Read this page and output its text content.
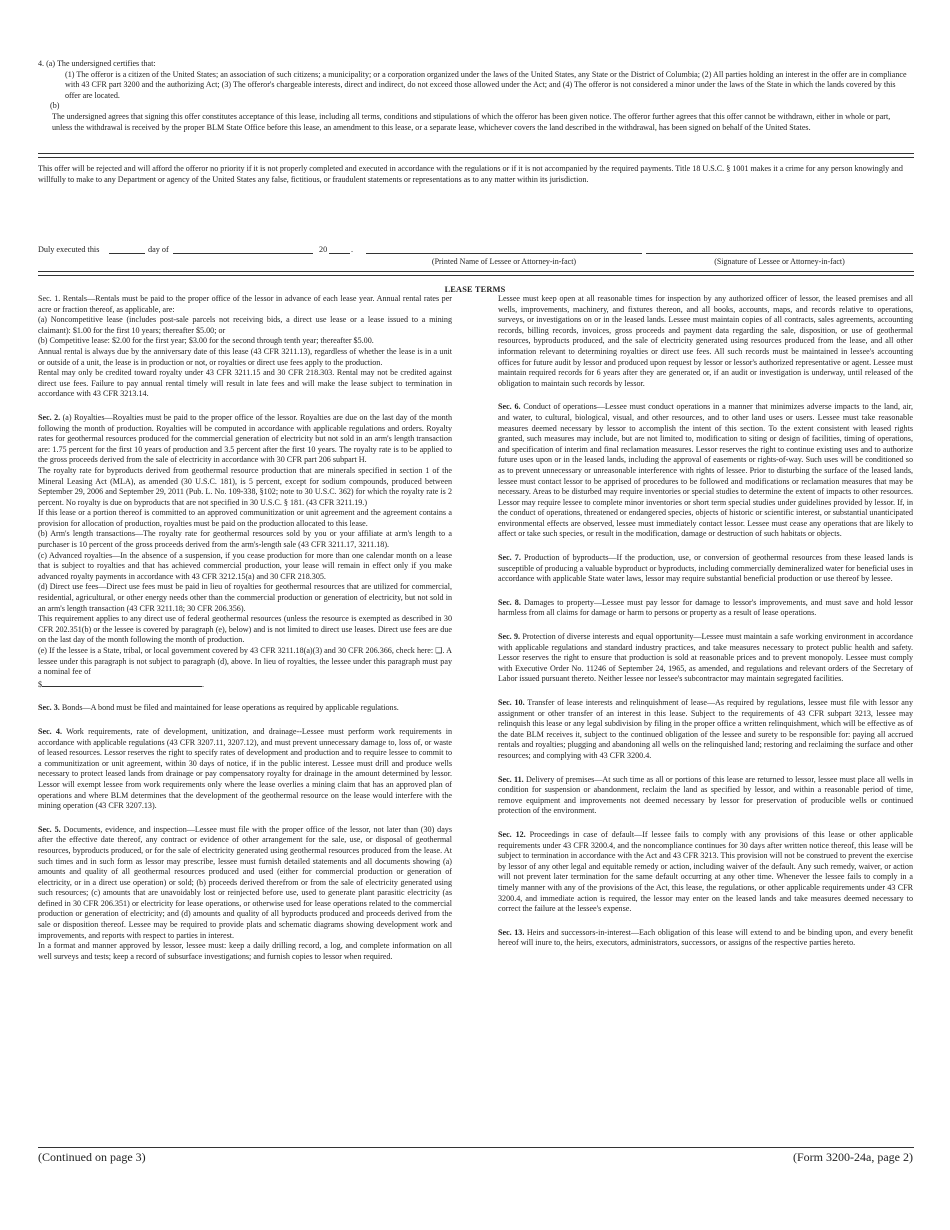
4. (a) The undersigned certifies that:
(1) The offeror is a citizen of the United States; an association of such citizens; a municipality; or a corporation organized under the laws of the United States, any State or the District of Columbia; (2) All parties holding an interest in the offer are in compliance with 43 CFR part 3200 and the authorizing Act; (3) The offeror's chargeable interests, direct and indirect, do not exceed those allowed under the Act; and (4) The offeror is not considered a minor under the laws of the State in which the lands covered by this offer are located.
(b) The undersigned agrees that signing this offer constitutes acceptance of this lease, including all terms, conditions and stipulations of which the offeror has been given notice. The offeror further agrees that this offer cannot be withdrawn, either in whole or part, unless the withdrawal is received by the proper BLM State Office before this lease, an amendment to this lease, or a separate lease, whichever covers the land described in the withdrawal, has been signed on behalf of the United States.
This offer will be rejected and will afford the offeror no priority if it is not properly completed and executed in accordance with the regulations or if it is not accompanied by the required payments. Title 18 U.S.C. § 1001 makes it a crime for any person knowingly and willfully to make to any Department or agency of the United States any false, fictitious, or fraudulent statements or representations as to any matter within its jurisdiction.
Duly executed this	day of	20	.
(Printed Name of Lessee or Attorney-in-fact)	(Signature of Lessee or Attorney-in-fact)
LEASE TERMS

Sec. 1. Rentals—Rentals must be paid to the proper office of the lessor in advance of each lease year. Annual rental rates per acre or fraction thereof, as applicable, are:

(a) Noncompetitive lease (includes post-sale parcels not receiving bids, a direct use lease or a lease issued to a mining claimant): $1.00 for the first 10 years; thereafter $5.00; or

(b) Competitive lease: $2.00 for the first year; $3.00 for the second through tenth year; thereafter $5.00.

Annual rental is always due by the anniversary date of this lease (43 CFR 3211.13), regardless of whether the lease is in a unit or outside of a unit, the lease is in production or not, or royalties or direct use fees apply to the production.

Rental may only be credited toward royalty under 43 CFR 3211.15 and 30 CFR 218.303. Rental may not be credited against direct use fees. Failure to pay annual rental timely will result in late fees and will make the lease subject to termination in accordance with 43 CFR 3213.14.

Sec. 2. (a) Royalties—Royalties must be paid to the proper office of the lessor. Royalties are due on the last day of the month following the month of production. Royalties will be computed in accordance with applicable regulations and orders. Royalty rates for geothermal resources produced for the commercial generation of electricity but not sold in an arm's length transaction are: 1.75 percent for the first 10 years of production and 3.5 percent after the first 10 years. The royalty rate is to be applied to the gross proceeds derived from the sale of electricity in accordance with 30 CFR part 206 subpart H.

The royalty rate for byproducts derived from geothermal resource production that are minerals specified in section 1 of the Mineral Leasing Act (MLA), as amended (30 U.S.C. 181), is 5 percent, except for sodium compounds, produced between September 29, 2006 and September 29, 2011 (Pub. L. No. 109-338, §102; note to 30 U.S.C. 362) for which the royalty rate is 2 percent. No royalty is due on byproducts that are not specified in 30 U.S.C. § 181. (43 CFR 3211.19.)

If this lease or a portion thereof is committed to an approved communitization or unit agreement and the agreement contains a provision for allocation of production, royalties must be paid on the production allocated to this lease.

(b) Arm's length transactions—The royalty rate for geothermal resources sold by you or your affiliate at arm's length to a purchaser is 10 percent of the gross proceeds derived from the arm's-length sale (43 CFR 3211.17, 3211.18).

(c) Advanced royalties—In the absence of a suspension, if you cease production for more than one calendar month on a lease that is subject to royalties and that has achieved commercial production, your lease will remain in effect only if you make advanced royalty payments in accordance with 43 CFR 3212.15(a) and 30 CFR 218.305.

(d) Direct use fees—Direct use fees must be paid in lieu of royalties for geothermal resources that are utilized for commercial, residential, agricultural, or other energy needs other than the commercial production or generation of electricity, but not sold in an arm's length transaction (43 CFR 3211.18; 30 CFR 206.356).

This requirement applies to any direct use of federal geothermal resources (unless the resource is exempted as described in 30 CFR 202.351(b) or the lessee is covered by paragraph (e), below) and is not limited to direct use leases. Direct use fees are due on the last day of the month following the month of production.

(e) If the lessee is a State, tribal, or local government covered by 43 CFR 3211.18(a)(3) and 30 CFR 206.366, check here: ❑. A lessee under this paragraph is not subject to paragraph (d), above. In lieu of royalties, the lessee under this paragraph must pay a nominal fee of

$	.

Sec. 3. Bonds—A bond must be filed and maintained for lease operations as required by applicable regulations.

Sec. 4. Work requirements, rate of development, unitization, and drainage--Lessee must perform work requirements in accordance with applicable regulations (43 CFR 3207.11, 3207.12), and must prevent unnecessary damage to, loss of, or waste of leased resources. Lessor reserves the right to specify rates of development and production and to require lessee to commit to a communitization or unit agreement, within 30 days of notice, if in the public interest. Lessee must drill and produce wells necessary to protect leased lands from drainage or pay compensatory royalty for drainage in the amount determined by lessor. Lessor will exempt lessee from work requirements only where the lease overlies a mining claim that has an approved plan of operations and where BLM determines that the development of the geothermal resource on the lease would interfere with the mining operation (43 CFR 3207.13).

Sec. 5. Documents, evidence, and inspection—Lessee must file with the proper office of the lessor, not later than (30) days after the effective date thereof, any contract or evidence of other arrangement for the sale, use, or disposal of geothermal resources, byproducts produced, or for the sale of electricity generated using geothermal resources produced from the lease. At such times and in such form as lessor may prescribe, lessee must furnish detailed statements and all documents showing (a) amounts and quality of all geothermal resources produced and used (either for commercial production or generation of electricity, or in a direct use operation) or sold; (b) proceeds derived therefrom or from the sale of electricity generated using such resources; (c) amounts that are unavoidably lost or reinjected before use, used to generate plant parasitic electricity (as defined in 30 CFR 206.351) or electricity for lease operations, or otherwise used for lease operations related to the commercial production or generation of electricity; and (d) amounts and quality of all byproducts produced and proceeds derived from the sale or disposition thereof. Lessee may be required to provide plats and schematic diagrams showing development work and improvements, and reports with respect to parties in interest.

In a format and manner approved by lessor, lessee must: keep a daily drilling record, a log, and complete information on all well surveys and tests; keep a record of subsurface investigations; and furnish copies to lessor when required.

Lessee must keep open at all reasonable times for inspection by any authorized officer of lessor, the leased premises and all wells, improvements, machinery, and fixtures thereon, and all books, accounts, maps, and records relative to operations, surveys, or investigations on or in the leased lands. Lessee must maintain copies of all contracts, sales agreements, accounting records, billing records, invoices, gross proceeds and payment data regarding the sale, disposition, or use of geothermal resources, byproducts produced, and the sale of electricity generated using resources produced from the lease, and all other information relevant to determining royalties or direct use fees. All such records must be maintained in lessee's accounting offices for future audit by lessor and produced upon request by lessor or lessor's authorized representative or agent. Lessee must maintain required records for 6 years after they are generated or, if an audit or investigation is underway, until released of the obligation to maintain such records by lessor.

Sec. 6. Conduct of operations—Lessee must conduct operations in a manner that minimizes adverse impacts to the land, air, and water, to cultural, biological, visual, and other resources, and to other land uses or users. Lessee must take reasonable measures deemed necessary by lessor to accomplish the intent of this section. To the extent consistent with leased rights granted, such measures may include, but are not limited to, modification to siting or design of facilities, timing of operations, and specification of interim and final reclamation measures. Lessor reserves the right to continue existing uses and to authorize future uses upon or in the leased lands, including the approval of easements or rights-of-way. Such uses will be conditioned so as to prevent unnecessary or unreasonable interference with rights of lessee. Prior to disturbing the surface of the leased lands, lessee must contact lessor to be apprised of procedures to be followed and modifications or reclamation measures that may be necessary. Areas to be disturbed may require inventories or special studies to determine the extent of impacts to other resources. Lessor may require lessee to complete minor inventories or short term special studies under guidelines provided by lessor. If, in the conduct of operations, threatened or endangered species, objects of historic or scientific interest, or substantial unanticipated environmental effects are observed, lessee must immediately contact lessor. Lessee must cease any operations that are likely to affect or take such species, or result in the modification, damage or destruction of such habitats or objects.

Sec. 7. Production of byproducts—If the production, use, or conversion of geothermal resources from these leased lands is susceptible of producing a valuable byproduct or byproducts, including commercially demineralized water for beneficial uses in accordance with applicable State water laws, lessor may require substantial beneficial production or use thereof by lessee.

Sec. 8. Damages to property—Lessee must pay lessor for damage to lessor's improvements, and must save and hold lessor harmless from all claims for damage or harm to persons or property as a result of lease operations.

Sec. 9. Protection of diverse interests and equal opportunity—Lessee must maintain a safe working environment in accordance with applicable regulations and standard industry practices, and take measures necessary to protect public health and safety. Lessor reserves the right to ensure that production is sold at reasonable prices and to prevent monopoly. Lessee must comply with Executive Order No. 11246 of September 24, 1965, as amended, and regulations and relevant orders of the Secretary of Labor issued pursuant thereto. Neither lessee nor lessee's subcontractor may maintain segregated facilities.

Sec. 10. Transfer of lease interests and relinquishment of lease—As required by regulations, lessee must file with lessor any assignment or other transfer of an interest in this lease. Subject to the requirements of 43 CFR subpart 3213, lessee may relinquish this lease or any legal subdivision by filing in the proper office a written relinquishment, which will be effective as of the date BLM receives it, subject to the continued obligation of the lessee and surety to be responsible for: paying all accrued rentals and royalties; plugging and abandoning all wells on the relinquished land; restoring and reclaiming the surface and other resources; and complying with 43 CFR 3200.4.

Sec. 11. Delivery of premises—At such time as all or portions of this lease are returned to lessor, lessee must place all wells in condition for suspension or abandonment, reclaim the land as specified by lessor, and within a reasonable period of time, remove equipment and improvements not deemed necessary by lessor for preservation of producible wells or continued protection of the environment.

Sec. 12. Proceedings in case of default—If lessee fails to comply with any provisions of this lease or other applicable requirements under 43 CFR 3200.4, and the noncompliance continues for 30 days after written notice thereof, this lease will be subject to termination in accordance with the Act and 43 CFR 3213. This provision will not be construed to prevent the exercise by lessor of any other legal and equitable remedy or action, including waiver of the default. Any such remedy, waiver, or action will not prevent later termination for the same default occurring at any other time. Whenever the lessee fails to comply in a timely manner with any of the provisions of the Act, this lease, the regulations, or other applicable requirements under 43 CFR 3200.4, and immediate action is required, the lessor may enter on the leased lands and take measures deemed necessary to correct the failure at the lessee's expense.

Sec. 13. Heirs and successors-in-interest—Each obligation of this lease will extend to and be binding upon, and every benefit hereof will inure to, the heirs, executors, administrators, successors, or assigns of the respective parties hereto.

(Continued on page 3)	(Form 3200-24a, page 2)
